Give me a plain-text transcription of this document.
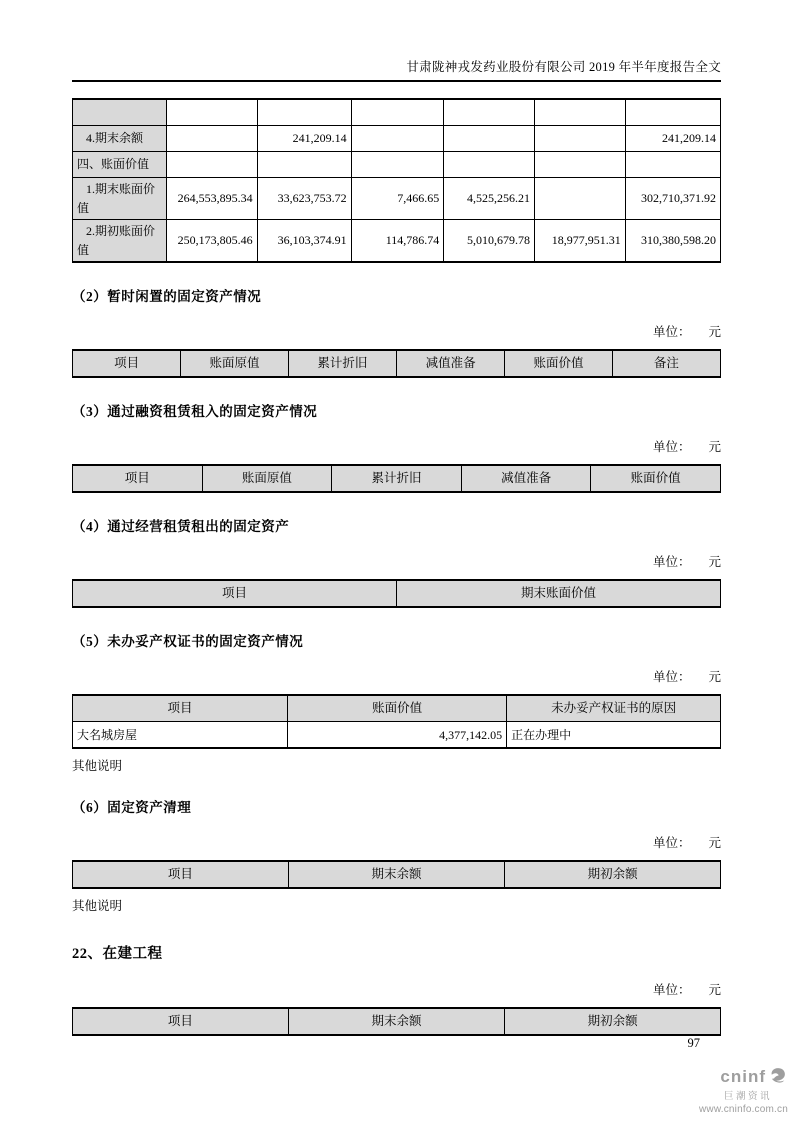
甘肃陇神戎发药业股份有限公司 2019 年半年度报告全文

4.期末余额		241,209.14				241,209.14
四、账面价值						
1.期末账面价值	264,553,895.34	33,623,753.72	7,466.65	4,525,256.21		302,710,371.92
2.期初账面价值	250,173,805.46	36,103,374.91	114,786.74	5,010,679.78	18,977,951.31	310,380,598.20
（2）暂时闲置的固定资产情况
单位： 元
项目	账面原值	累计折旧	减值准备	账面价值	备注
（3）通过融资租赁租入的固定资产情况
单位： 元
项目	账面原值	累计折旧	减值准备	账面价值
（4）通过经营租赁租出的固定资产
单位： 元
项目	期末账面价值
（5）未办妥产权证书的固定资产情况
单位： 元
项目	账面价值	未办妥产权证书的原因
大名城房屋	4,377,142.05	正在办理中
其他说明
（6）固定资产清理
单位： 元
项目	期末余额	期初余额
其他说明
22、在建工程
单位： 元
项目	期末余额	期初余额
97
cninf
巨潮资讯
www.cninfo.com.cn
